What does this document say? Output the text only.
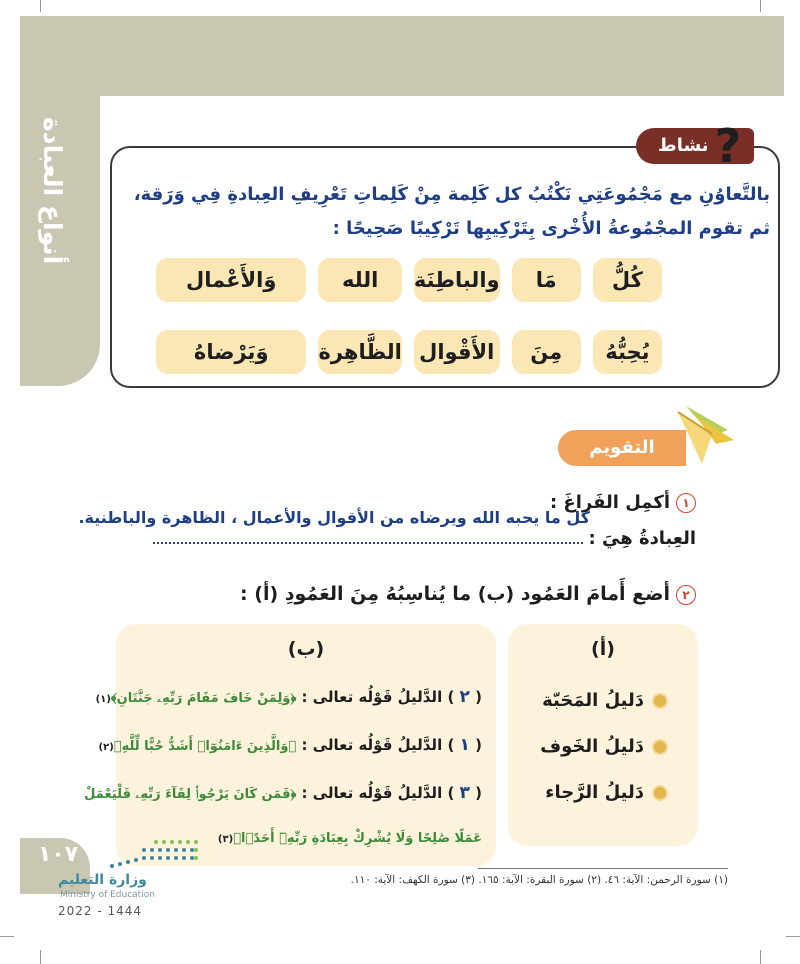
أنواع العبادة	نشاط ?
بالتَّعاوُنِ مع مَجْمُوعَتِي نَكْتُبُ كل كَلِمة مِنْ كَلِماتِ تَعْرِيفِ العِبادةِ فِي وَرَقة،
ثم تقوم المجْمُوعةُ الأُخْرى بِتَرْكِيبِها تَرْكِيبًا صَحِيحًا :
كُلُّ
مَا
والباطِنَة
الله
وَالأَعْمال
يُحِبُّهُ
مِنَ
الأَقْوال
الظَّاهِرة
وَيَرْضاهُ
التقويم
١أكمِل الفَراغَ :
كل ما يحبه الله ويرضاه من الأقوال والأعمال ، الظاهرة والباطنية.
العِبادةُ هِيَ :
٢أضع أَمامَ العَمُود (ب) ما يُناسِبُهُ مِنَ العَمُودِ (أ) :
(أ)
دَليلُ المَحَبّة
دَليلُ الخَوف
دَليلُ الرَّجاء
(ب)
( ٢ ) الدَّليلُ قَوْلُه تعالى : ﴿وَلِمَنْ خَافَ مَقَامَ رَبِّهِۦ جَنَّتَانِ﴾(١)
( ١ ) الدَّليلُ قَوْلُه تعالى : ﴿وَالَّذِينَ ءَامَنُوٓا۟ أَشَدُّ حُبًّا لِّلَّهِ﴾(٢)
( ٣ ) الدَّليلُ قَوْلُه تعالى : ﴿فَمَن كَانَ يَرْجُوا۟ لِقَآءَ رَبِّهِۦ فَلْيَعْمَلْ
عَمَلًا صَٰلِحًا وَلَا يُشْرِكْ بِعِبَادَةِ رَبِّهِۦٓ أَحَدًۢا﴾(٣)
١٠٧
وزارة التعليم
Ministry of Education
2022 - 1444
(١) سورة الرحمن: الآية: ٤٦. (٢) سورة البقرة: الآية: ١٦٥. (٣) سورة الكهف: الآية: ١١٠.
